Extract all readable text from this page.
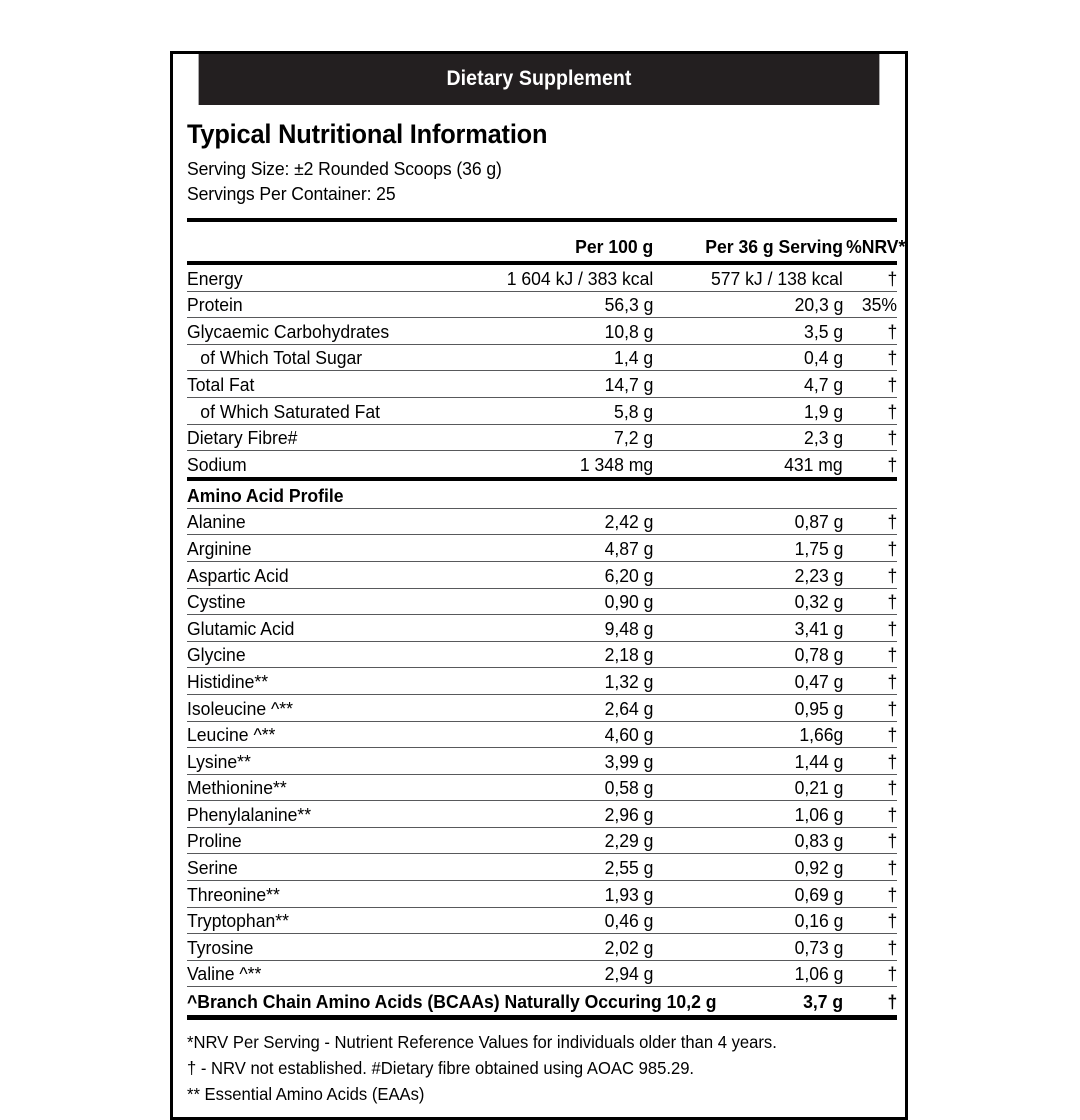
Dietary Supplement
Typical Nutritional Information
Serving Size: ±2 Rounded Scoops (36 g)
Servings Per Container: 25
	Per 100 g	Per 36 g Serving	%NRV*
Energy	1 604 kJ / 383 kcal	577 kJ / 138 kcal	†
Protein	56,3 g	20,3 g	35%
Glycaemic Carbohydrates	10,8 g	3,5 g	†
of Which Total Sugar	1,4 g	0,4 g	†
Total Fat	14,7 g	4,7 g	†
of Which Saturated Fat	5,8 g	1,9 g	†
Dietary Fibre#	7,2 g	2,3 g	†
Sodium	1 348 mg	431 mg	†
Amino Acid Profile			
Alanine	2,42 g	0,87 g	†
Arginine	4,87 g	1,75 g	†
Aspartic Acid	6,20 g	2,23 g	†
Cystine	0,90 g	0,32 g	†
Glutamic Acid	9,48 g	3,41 g	†
Glycine	2,18 g	0,78 g	†
Histidine**	1,32 g	0,47 g	†
Isoleucine ^**	2,64 g	0,95 g	†
Leucine ^**	4,60 g	1,66g	†
Lysine**	3,99 g	1,44 g	†
Methionine**	0,58 g	0,21 g	†
Phenylalanine**	2,96 g	1,06 g	†
Proline	2,29 g	0,83 g	†
Serine	2,55 g	0,92 g	†
Threonine**	1,93 g	0,69 g	†
Tryptophan**	0,46 g	0,16 g	†
Tyrosine	2,02 g	0,73 g	†
Valine ^**	2,94 g	1,06 g	†
^Branch Chain Amino Acids (BCAAs) Naturally Occuring 10,2 g		3,7 g	†
*NRV Per Serving - Nutrient Reference Values for individuals older than 4 years.
† - NRV not established. #Dietary fibre obtained using AOAC 985.29.
** Essential Amino Acids (EAAs)
